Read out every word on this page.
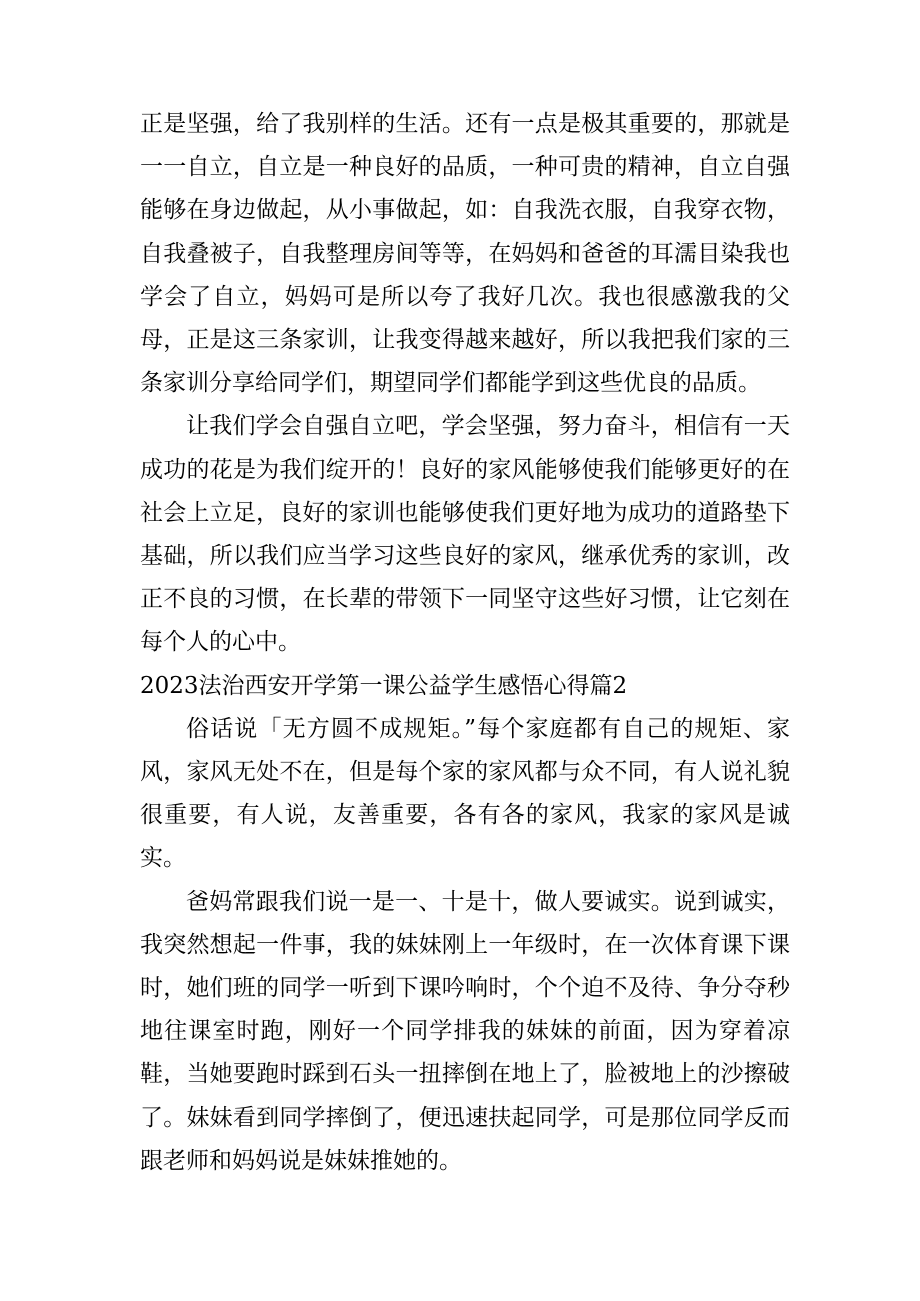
正是坚强，给了我别样的生活。还有一点是极其重要的，那就是一一自立，自立是一种良好的品质，一种可贵的精神，自立自强能够在身边做起，从小事做起，如：自我洗衣服，自我穿衣物，自我叠被子，自我整理房间等等，在妈妈和爸爸的耳濡目染我也学会了自立，妈妈可是所以夸了我好几次。我也很感激我的父母，正是这三条家训，让我变得越来越好，所以我把我们家的三条家训分享给同学们，期望同学们都能学到这些优良的品质。

让我们学会自强自立吧，学会坚强，努力奋斗，相信有一天成功的花是为我们绽开的！良好的家风能够使我们能够更好的在社会上立足，良好的家训也能够使我们更好地为成功的道路垫下基础，所以我们应当学习这些良好的家风，继承优秀的家训，改正不良的习惯，在长辈的带领下一同坚守这些好习惯，让它刻在每个人的心中。

2023法治西安开学第一课公益学生感悟心得篇2

俗话说「无方圆不成规矩。”每个家庭都有自己的规矩、家风，家风无处不在，但是每个家的家风都与众不同，有人说礼貌很重要，有人说，友善重要，各有各的家风，我家的家风是诚实。

爸妈常跟我们说一是一、十是十，做人要诚实。说到诚实，我突然想起一件事，我的妹妹刚上一年级时，在一次体育课下课时，她们班的同学一听到下课吟响时，个个迫不及待、争分夺秒地往课室时跑，刚好一个同学排我的妹妹的前面，因为穿着凉鞋，当她要跑时踩到石头一扭摔倒在地上了，脸被地上的沙擦破了。妹妹看到同学摔倒了，便迅速扶起同学，可是那位同学反而跟老师和妈妈说是妹妹推她的。
